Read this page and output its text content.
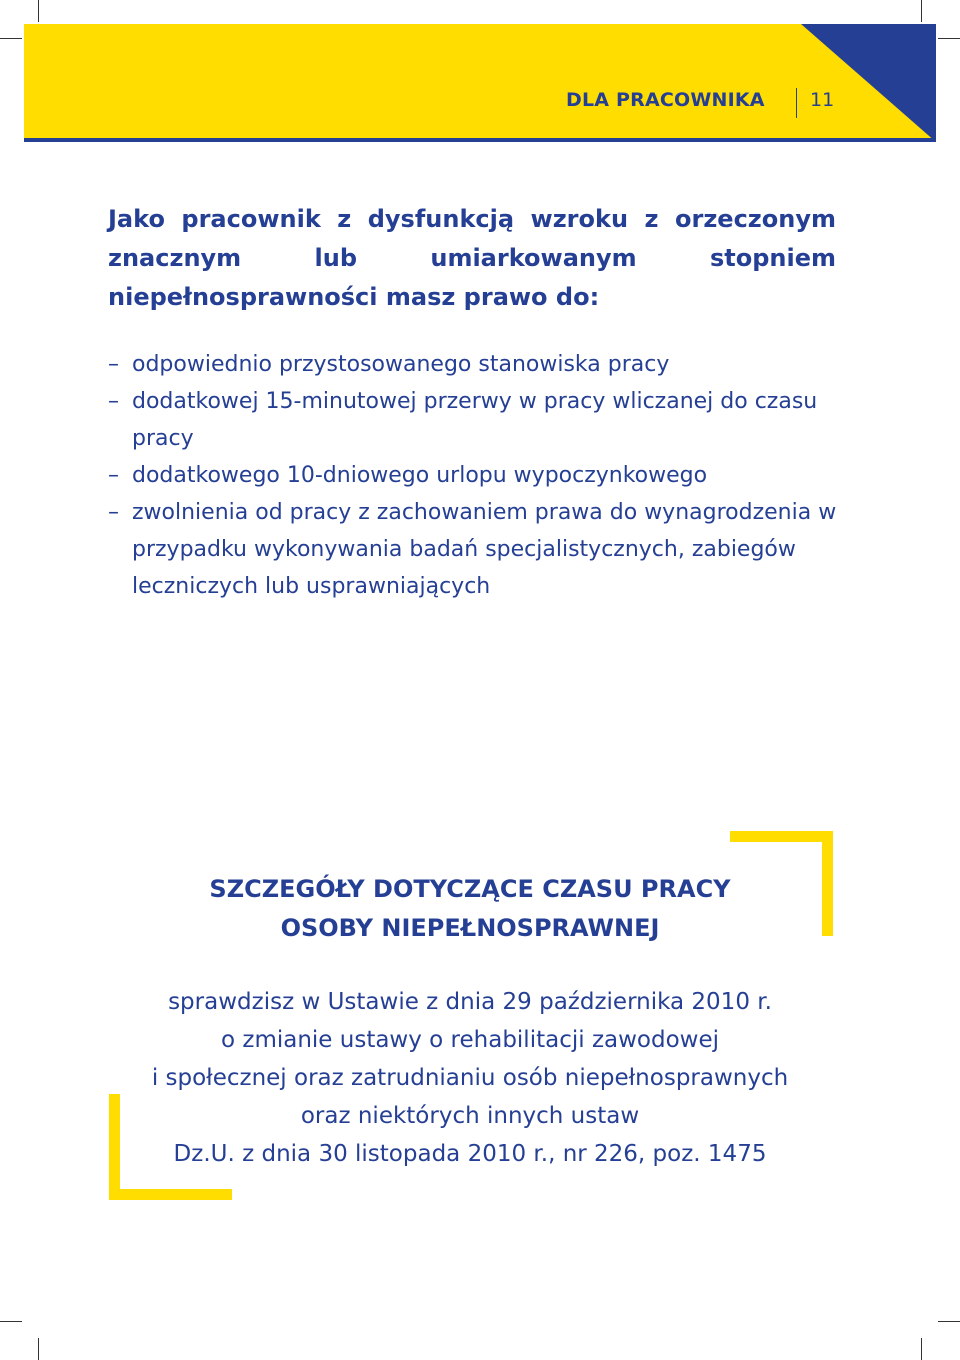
DLA PRACOWNIKA 11

Jako pracownik z dysfunkcją wzroku z orzeczonym znacznym lub umiarkowanym stopniem niepełnosprawności masz prawo do:

– odpowiednio przystosowanego stanowiska pracy
– dodatkowej 15-minutowej przerwy w pracy wliczanej do czasu pracy
– dodatkowego 10-dniowego urlopu wypoczynkowego
– zwolnienia od pracy z zachowaniem prawa do wynagrodzenia w przypadku wykonywania badań specjalistycznych, zabiegów leczniczych lub usprawniających
SZCZEGÓŁY DOTYCZĄCE CZASU PRACY
OSOBY NIEPEŁNOSPRAWNEJ

sprawdzisz w Ustawie z dnia 29 października 2010 r.
o zmianie ustawy o rehabilitacji zawodowej
i społecznej oraz zatrudnianiu osób niepełnosprawnych
oraz niektórych innych ustaw
Dz.U. z dnia 30 listopada 2010 r., nr 226, poz. 1475
